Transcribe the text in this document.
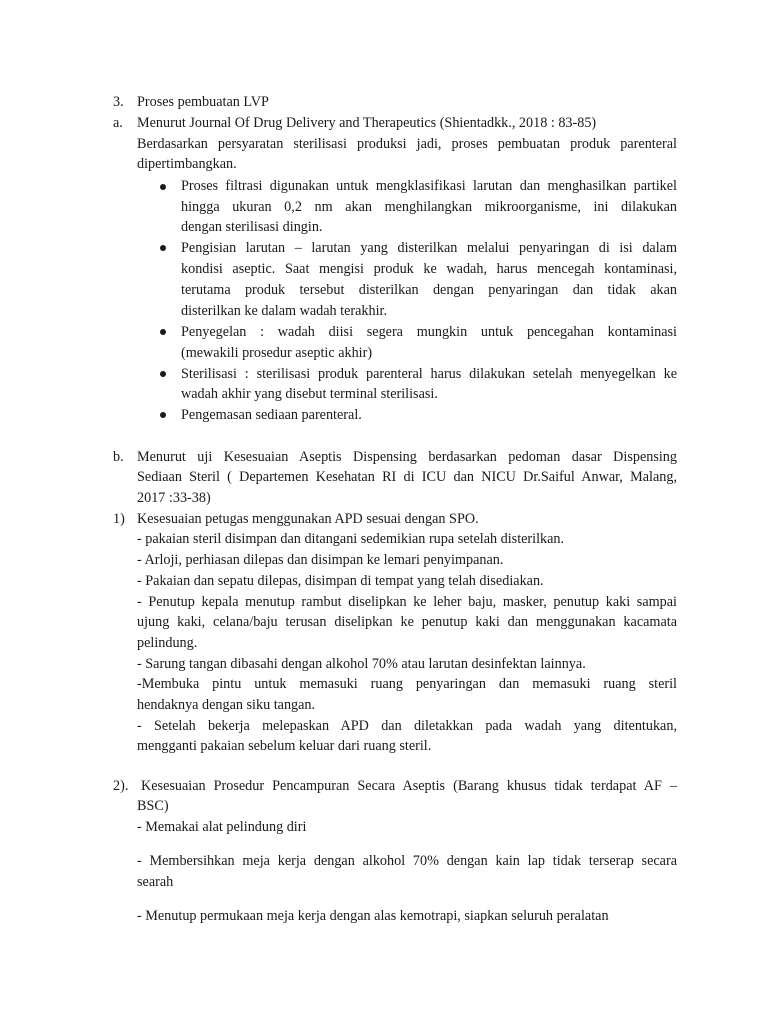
3. Proses pembuatan LVP
a. Menurut Journal Of Drug Delivery and Therapeutics (Shientadkk., 2018 : 83-85)
Berdasarkan persyaratan sterilisasi produksi jadi, proses pembuatan produk parenteral
dipertimbangkan.
Proses filtrasi digunakan untuk mengklasifikasi larutan dan menghasilkan partikel
hingga ukuran 0,2 nm akan menghilangkan mikroorganisme, ini dilakukan
dengan sterilisasi dingin.
Pengisian larutan – larutan yang disterilkan melalui penyaringan di isi dalam
kondisi aseptic. Saat mengisi produk ke wadah, harus mencegah kontaminasi,
terutama produk tersebut disterilkan dengan penyaringan dan tidak akan
disterilkan ke dalam wadah terakhir.
Penyegelan : wadah diisi segera mungkin untuk pencegahan kontaminasi
(mewakili prosedur aseptic akhir)
Sterilisasi : sterilisasi produk parenteral harus dilakukan setelah menyegelkan ke
wadah akhir yang disebut terminal sterilisasi.
Pengemasan sediaan parenteral.
b. Menurut uji Kesesuaian Aseptis Dispensing berdasarkan pedoman dasar Dispensing
Sediaan Steril ( Departemen Kesehatan RI di ICU dan NICU Dr.Saiful Anwar, Malang,
2017 :33-38)
1) Kesesuaian petugas menggunakan APD sesuai dengan SPO.
- pakaian steril disimpan dan ditangani sedemikian rupa setelah disterilkan.
- Arloji, perhiasan dilepas dan disimpan ke lemari penyimpanan.
- Pakaian dan sepatu dilepas, disimpan di tempat yang telah disediakan.
- Penutup kepala menutup rambut diselipkan ke leher baju, masker, penutup kaki sampai
ujung kaki, celana/baju terusan diselipkan ke penutup kaki dan menggunakan kacamata
pelindung.
- Sarung tangan dibasahi dengan alkohol 70% atau larutan desinfektan lainnya.
-Membuka pintu untuk memasuki ruang penyaringan dan memasuki ruang steril
hendaknya dengan siku tangan.
- Setelah bekerja melepaskan APD dan diletakkan pada wadah yang ditentukan,
mengganti pakaian sebelum keluar dari ruang steril.
2). Kesesuaian Prosedur Pencampuran Secara Aseptis (Barang khusus tidak terdapat AF –
BSC)
- Memakai alat pelindung diri
- Membersihkan meja kerja dengan alkohol 70% dengan kain lap tidak terserap secara
searah
- Menutup permukaan meja kerja dengan alas kemotrapi, siapkan seluruh peralatan
